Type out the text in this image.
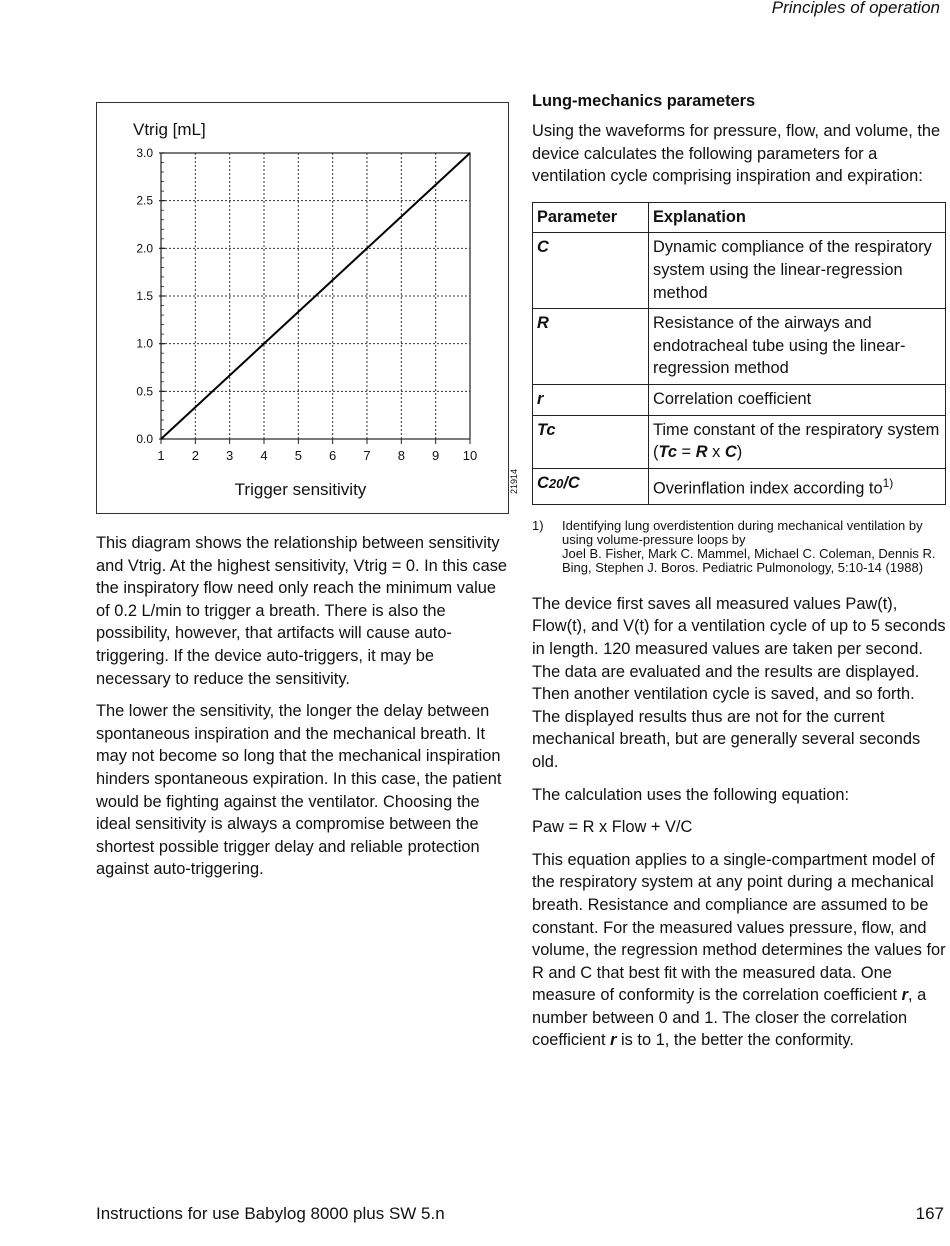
Principles of operation
1 2 3 4 5 6 7 8 9 10
0.0
0.5
1.0
1.5
2.0
2.5
3.0
Vtrig [mL]
Trigger sensitivity	21914

This diagram shows the relationship between sensitivity and Vtrig. At the highest sensitivity, Vtrig = 0. In this case the inspiratory flow need only reach the minimum value of 0.2 L/min to trigger a breath. There is also the possibility, however, that artifacts will cause auto-triggering. If the device auto-triggers, it may be necessary to reduce the sensitivity.

The lower the sensitivity, the longer the delay between spontaneous inspiration and the mechanical breath. It may not become so long that the mechanical inspiration hinders spontaneous expiration. In this case, the patient would be fighting against the ventilator. Choosing the ideal sensitivity is always a compromise between the shortest possible trigger delay and reliable protection against auto-triggering.

Lung-mechanics parameters

Using the waveforms for pressure, flow, and volume, the device calculates the following parameters for a ventilation cycle comprising inspiration and expiration:

Parameter	Explanation
C	Dynamic compliance of the respiratory system using the linear-regression method
R	Resistance of the airways and endotracheal tube using the linear-regression method
r	Correlation coefficient
Tc	Time constant of the respiratory system (Tc = R x C)
C20/C	Overinflation index according $to^{1)}$
1)	Identifying lung overdistention during mechanical ventilation by using volume-pressure loops by
Joel B. Fisher, Mark C. Mammel, Michael C. Coleman, Dennis R. Bing, Stephen J. Boros. Pediatric Pulmonology, 5:10-14 (1988)

The device first saves all measured values Paw(t), Flow(t), and V(t) for a ventilation cycle of up to 5 seconds in length. 120 measured values are taken per second. The data are evaluated and the results are displayed. Then another ventilation cycle is saved, and so forth. The displayed results thus are not for the current mechanical breath, but are generally several seconds old.

The calculation uses the following equation:

Paw = R x Flow + V/C

This equation applies to a single-compartment model of the respiratory system at any point during a mechanical breath. Resistance and compliance are assumed to be constant. For the measured values pressure, flow, and volume, the regression method determines the values for R and C that best fit with the measured data. One measure of conformity is the correlation coefficient r, a number between 0 and 1. The closer the correlation coefficient r is to 1, the better the conformity.

Instructions for use Babylog 8000 plus SW 5.n	167
